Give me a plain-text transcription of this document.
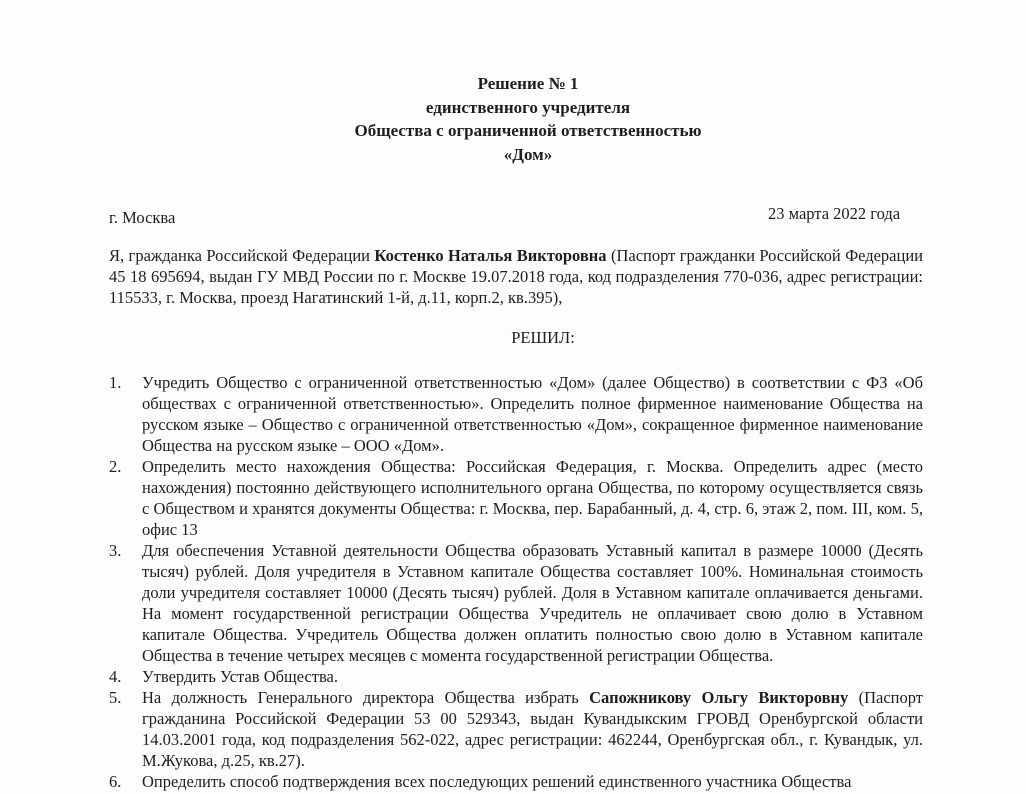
Решение № 1
единственного учредителя
Общества с ограниченной ответственностью
«Дом»
г. Москва	23 марта 2022 года
Я, гражданка Российской Федерации Костенко Наталья Викторовна (Паспорт гражданки Российской Федерации 45 18 695694, выдан ГУ МВД России по г. Москве 19.07.2018 года, код подразделения 770-036, адрес регистрации: 115533, г. Москва, проезд Нагатинский 1-й, д.11, корп.2, кв.395),
РЕШИЛ:
1.	Учредить Общество с ограниченной ответственностью «Дом» (далее Общество) в соответствии с ФЗ «Об обществах с ограниченной ответственностью». Определить полное фирменное наименование Общества на русском языке – Общество с ограниченной ответственностью «Дом», сокращенное фирменное наименование Общества на русском языке – ООО «Дом».
2.	Определить место нахождения Общества: Российская Федерация, г. Москва. Определить адрес (место нахождения) постоянно действующего исполнительного органа Общества, по которому осуществляется связь с Обществом и хранятся документы Общества: г. Москва, пер. Барабанный, д. 4, стр. 6, этаж 2, пом. III, ком. 5, офис 13
3.	Для обеспечения Уставной деятельности Общества образовать Уставный капитал в размере 10000 (Десять тысяч) рублей. Доля учредителя в Уставном капитале Общества составляет 100%. Номинальная стоимость доли учредителя составляет 10000 (Десять тысяч) рублей. Доля в Уставном капитале оплачивается деньгами. На момент государственной регистрации Общества Учредитель не оплачивает свою долю в Уставном капитале Общества. Учредитель Общества должен оплатить полностью свою долю в Уставном капитале Общества в течение четырех месяцев с момента государственной регистрации Общества.
4.	Утвердить Устав Общества.
5.	На должность Генерального директора Общества избрать Сапожникову Ольгу Викторовну (Паспорт гражданина Российской Федерации 53 00 529343, выдан Кувандыкским ГРОВД Оренбургской области 14.03.2001 года, код подразделения 562-022, адрес регистрации: 462244, Оренбургская обл., г. Кувандык, ул. М.Жукова, д.25, кв.27).
6.	Определить способ подтверждения всех последующих решений единственного участника Общества
